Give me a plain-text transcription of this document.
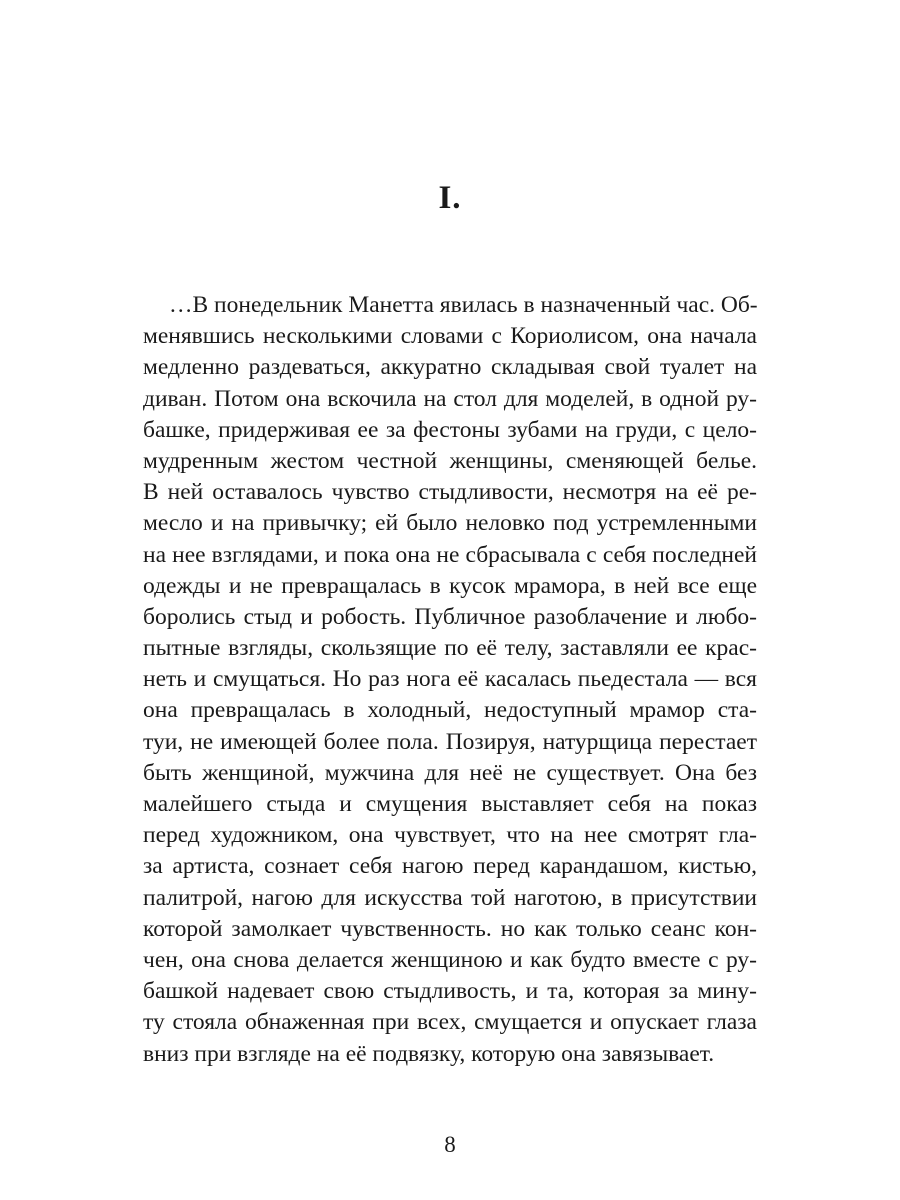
I.
…В понедельник Манетта явилась в назначенный час. Об-
менявшись несколькими словами с Кориолисом, она начала
медленно раздеваться, аккуратно складывая свой туалет на
диван. Потом она вскочила на стол для моделей, в одной ру-
башке, придерживая ее за фестоны зубами на груди, с цело-
мудренным жестом честной женщины, сменяющей белье.
В ней оставалось чувство стыдливости, несмотря на её ре-
месло и на привычку; ей было неловко под устремленными
на нее взглядами, и пока она не сбрасывала с себя последней
одежды и не превращалась в кусок мрамора, в ней все еще
боролись стыд и робость. Публичное разоблачение и любо-
пытные взгляды, скользящие по её телу, заставляли ее крас-
неть и смущаться. Но раз нога её касалась пьедестала — вся
она превращалась в холодный, недоступный мрамор ста-
туи, не имеющей более пола. Позируя, натурщица перестает
быть женщиной, мужчина для неё не существует. Она без
малейшего стыда и смущения выставляет себя на показ
перед художником, она чувствует, что на нее смотрят гла-
за артиста, сознает себя нагою перед карандашом, кистью,
палитрой, нагою для искусства той наготою, в присутствии
которой замолкает чувственность. но как только сеанс кон-
чен, она снова делается женщиною и как будто вместе с ру-
башкой надевает свою стыдливость, и та, которая за мину-
ту стояла обнаженная при всех, смущается и опускает глаза
вниз при взгляде на её подвязку, которую она завязывает.
8
